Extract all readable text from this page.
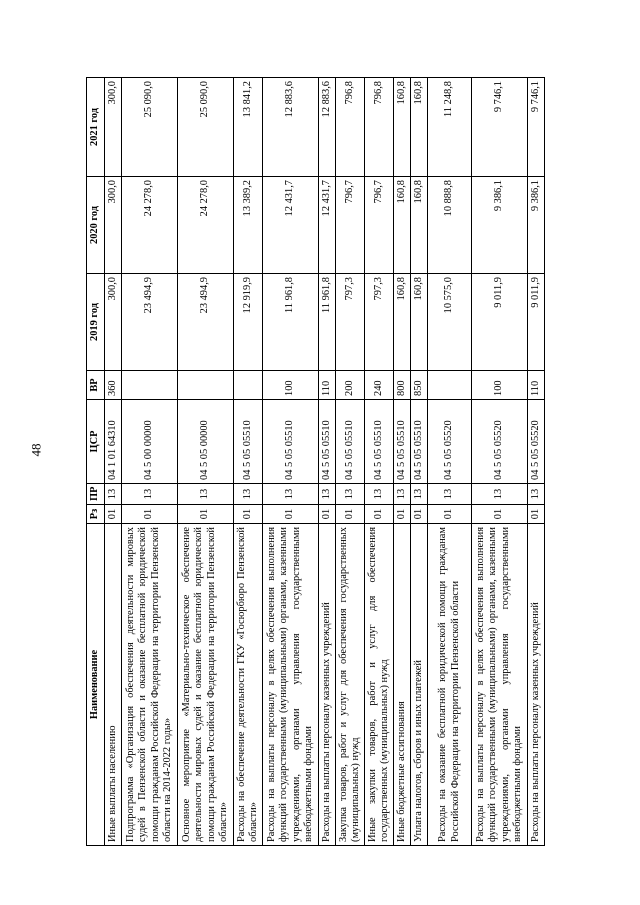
48
Наименование	Рз	ПР	ЦСР	ВР	2019 год	2020 год	2021 год
Иные выплаты населению	01	13	04 1 01 64310	360	300,0	300,0	300,0
Подпрограмма «Организация обеспечения деятельности мировых судей в Пензенской области и оказание бесплатной юридической помощи гражданам Российской Федерации на территории Пензенской области на 2014-2022 годы»	01	13	04 5 00 00000		23 494,9	24 278,0	25 090,0
Основное мероприятие «Материально-техническое обеспечение деятельности мировых судей и оказание бесплатной юридической помощи гражданам Российской Федерации на территории Пензенской области»	01	13	04 5 05 00000		23 494,9	24 278,0	25 090,0
Расходы на обеспечение деятельности ГКУ «Госюрбюро Пензенской области»	01	13	04 5 05 05510		12 919,9	13 389,2	13 841,2
Расходы на выплаты персоналу в целях обеспечения выполнения функций государственными (муниципальными) органами, казенными учреждениями, органами управления государственными внебюджетными фондами	01	13	04 5 05 05510	100	11 961,8	12 431,7	12 883,6
Расходы на выплаты персоналу казенных учреждений	01	13	04 5 05 05510	110	11 961,8	12 431,7	12 883,6
Закупка товаров, работ и услуг для обеспечения государственных (муниципальных) нужд	01	13	04 5 05 05510	200	797,3	796,7	796,8
Иные закупки товаров, работ и услуг для обеспечения государственных (муниципальных) нужд	01	13	04 5 05 05510	240	797,3	796,7	796,8
Иные бюджетные ассигнования	01	13	04 5 05 05510	800	160,8	160,8	160,8
Уплата налогов, сборов и иных платежей	01	13	04 5 05 05510	850	160,8	160,8	160,8
Расходы на оказание бесплатной юридической помощи гражданам Российской Федерации на территории Пензенской области	01	13	04 5 05 05520		10 575,0	10 888,8	11 248,8
Расходы на выплаты персоналу в целях обеспечения выполнения функций государственными (муниципальными) органами, казенными учреждениями, органами управления государственными внебюджетными фондами	01	13	04 5 05 05520	100	9 011,9	9 386,1	9 746,1
Расходы на выплаты персоналу казенных учреждений	01	13	04 5 05 05520	110	9 011,9	9 386,1	9 746,1
